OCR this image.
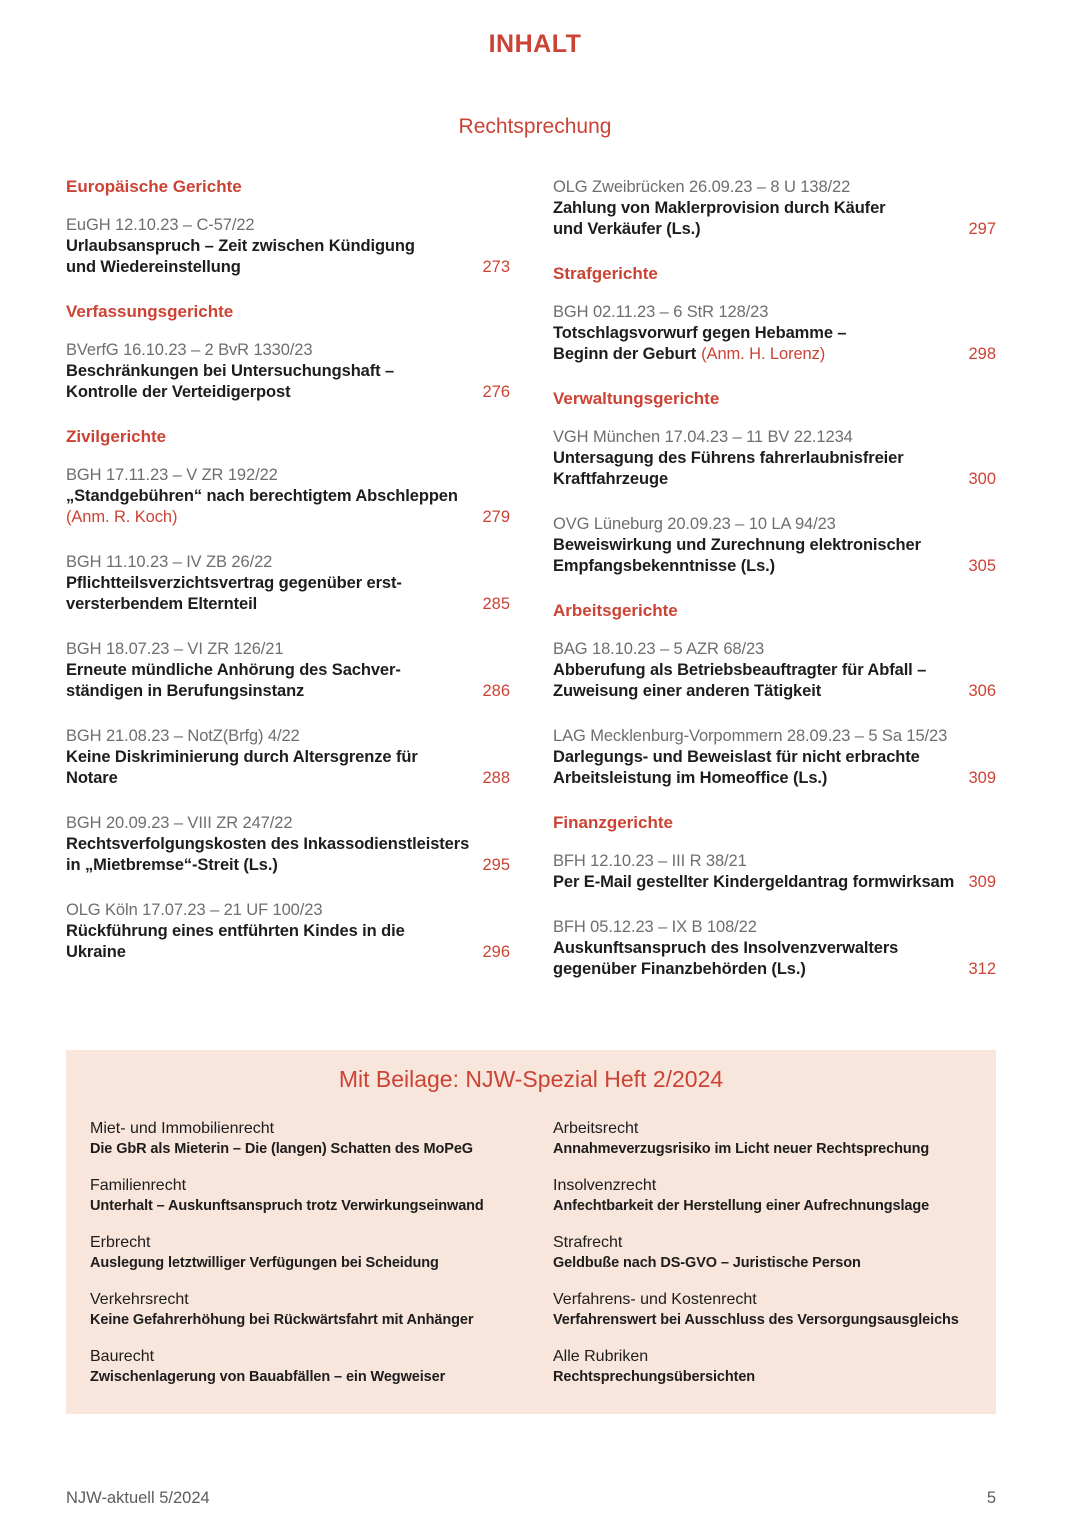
INHALT
Rechtsprechung
Europäische Gerichte
EuGH 12.10.23 – C-57/22
Urlaubsanspruch – Zeit zwischen Kündigung
und Wiedereinstellung	273
Verfassungsgerichte
BVerfG 16.10.23 – 2 BvR 1330/23
Beschränkungen bei Untersuchungshaft –
Kontrolle der Verteidigerpost	276
Zivilgerichte
BGH 17.11.23 – V ZR 192/22
„Standgebühren“ nach berechtigtem Abschleppen
(Anm. R. Koch)	279
BGH 11.10.23 – IV ZB 26/22
Pflichtteilsverzichtsvertrag gegenüber erst-
versterbendem Elternteil	285
BGH 18.07.23 – VI ZR 126/21
Erneute mündliche Anhörung des Sachver-
ständigen in Berufungsinstanz	286
BGH 21.08.23 – NotZ(Brfg) 4/22
Keine Diskriminierung durch Altersgrenze für
Notare	288
BGH 20.09.23 – VIII ZR 247/22
Rechtsverfolgungskosten des Inkassodienstleisters
in „Mietbremse“-Streit (Ls.)	295
OLG Köln 17.07.23 – 21 UF 100/23
Rückführung eines entführten Kindes in die
Ukraine	296
OLG Zweibrücken 26.09.23 – 8 U 138/22
Zahlung von Maklerprovision durch Käufer
und Verkäufer (Ls.)	297
Strafgerichte
BGH 02.11.23 – 6 StR 128/23
Totschlagsvorwurf gegen Hebamme –
Beginn der Geburt (Anm. H. Lorenz)	298
Verwaltungsgerichte
VGH München 17.04.23 – 11 BV 22.1234
Untersagung des Führens fahrerlaubnisfreier
Kraftfahrzeuge	300
OVG Lüneburg 20.09.23 – 10 LA 94/23
Beweiswirkung und Zurechnung elektronischer
Empfangsbekenntnisse (Ls.)	305
Arbeitsgerichte
BAG 18.10.23 – 5 AZR 68/23
Abberufung als Betriebsbeauftragter für Abfall –
Zuweisung einer anderen Tätigkeit	306
LAG Mecklenburg-Vorpommern 28.09.23 – 5 Sa 15/23
Darlegungs- und Beweislast für nicht erbrachte
Arbeitsleistung im Homeoffice (Ls.)	309
Finanzgerichte
BFH 12.10.23 – III R 38/21
Per E-Mail gestellter Kindergeldantrag formwirksam 309
BFH 05.12.23 – IX B 108/22
Auskunftsanspruch des Insolvenzverwalters
gegenüber Finanzbehörden (Ls.)	312
Mit Beilage: NJW-Spezial Heft 2/2024
Miet- und Immobilienrecht
Die GbR als Mieterin – Die (langen) Schatten des MoPeG
Familienrecht
Unterhalt – Auskunftsanspruch trotz Verwirkungseinwand
Erbrecht
Auslegung letztwilliger Verfügungen bei Scheidung
Verkehrsrecht
Keine Gefahrerhöhung bei Rückwärtsfahrt mit Anhänger
Baurecht
Zwischenlagerung von Bauabfällen – ein Wegweiser
Arbeitsrecht
Annahmeverzugsrisiko im Licht neuer Rechtsprechung
Insolvenzrecht
Anfechtbarkeit der Herstellung einer Aufrechnungslage
Strafrecht
Geldbuße nach DS-GVO – Juristische Person
Verfahrens- und Kostenrecht
Verfahrenswert bei Ausschluss des Versorgungsausgleichs
Alle Rubriken
Rechtsprechungsübersichten
NJW-aktuell 5/2024	5
